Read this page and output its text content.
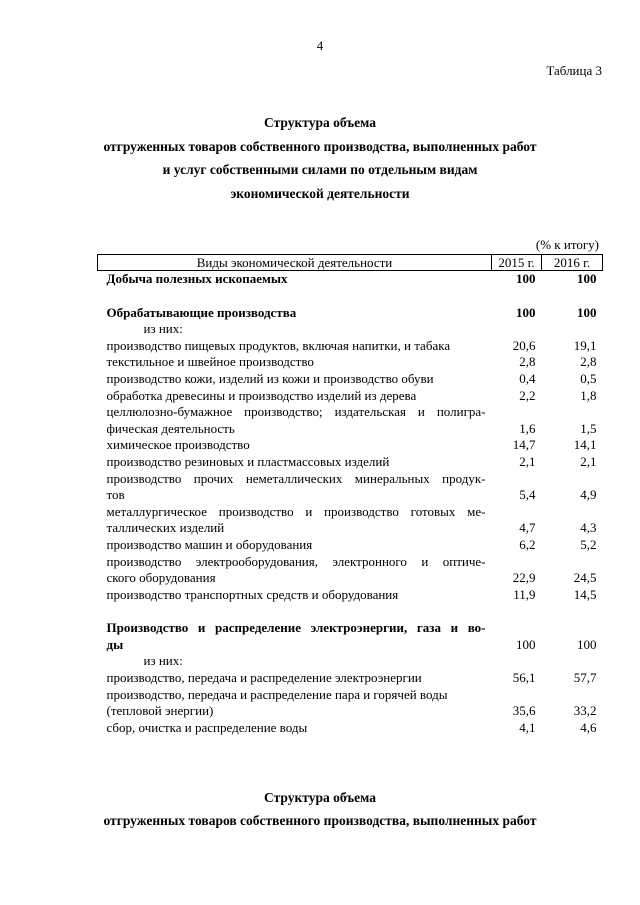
4
Таблица 3
Структура объема
отгруженных товаров собственного производства, выполненных работ
и услуг собственными силами по отдельным видам
экономической деятельности
(% к итогу)
Виды экономической деятельности	2015 г.	2016 г.
Добыча полезных ископаемых	100	100

Обрабатывающие производства	100	100
из них:		
производство пищевых продуктов, включая напитки, и табака	20,6	19,1
текстильное и швейное производство	2,8	2,8
производство кожи, изделий из кожи и производство обуви	0,4	0,5
обработка древесины и производство изделий из дерева	2,2	1,8
целлюлозно-бумажное производство; издательская и полигра-		
фическая деятельность	1,6	1,5
химическое производство	14,7	14,1
производство резиновых и пластмассовых изделий	2,1	2,1
производство прочих неметаллических минеральных продук-		
тов	5,4	4,9
металлургическое производство и производство готовых ме-		
таллических изделий	4,7	4,3
производство машин и оборудования	6,2	5,2
производство электрооборудования, электронного и оптиче-		
ского оборудования	22,9	24,5
производство транспортных средств и оборудования	11,9	14,5

Производство и распределение электроэнергии, газа и во-		
ды	100	100
из них:		
производство, передача и распределение электроэнергии	56,1	57,7
производство, передача и распределение пара и горячей воды		
(тепловой энергии)	35,6	33,2
сбор, очистка и распределение воды	4,1	4,6
Структура объема
отгруженных товаров собственного производства, выполненных работ
